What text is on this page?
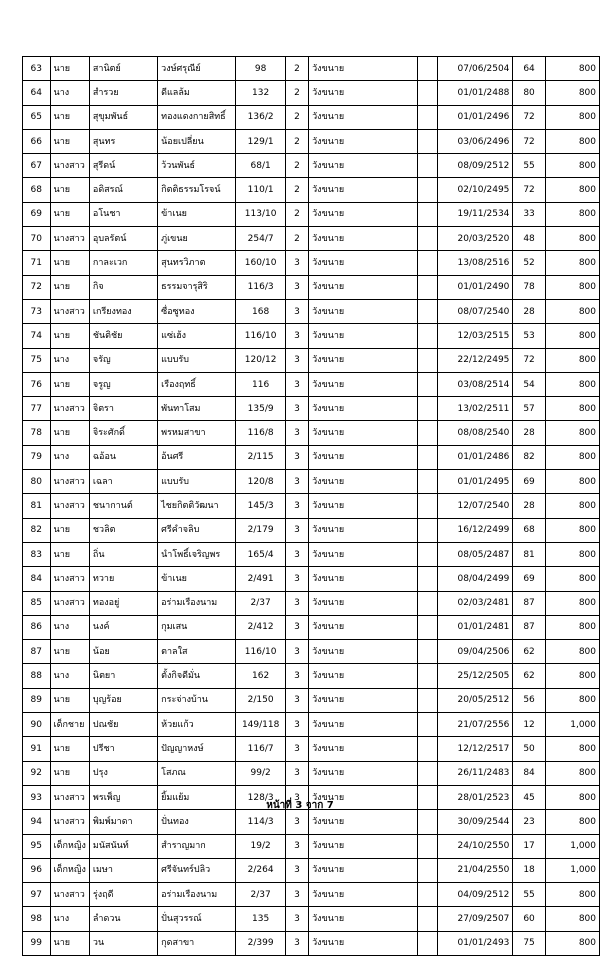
63	นาย	สานิตย์	วงษ์ศรุณีย์	98	2	วังขนาย		07/06/2504	64	800
64	นาง	สำรวย	ดีแลล้ม	132	2	วังขนาย		01/01/2488	80	800
65	นาย	สุขุมพันธ์	ทองแดงกายสิทธิ์	136/2	2	วังขนาย		01/01/2496	72	800
66	นาย	สุนทร	น้อยเปลี่ยน	129/1	2	วังขนาย		03/06/2496	72	800
67	นางสาว	สุรีดน์	ว้วนพันธ์	68/1	2	วังขนาย		08/09/2512	55	800
68	นาย	อดิสรณ์	กิตติธรรมโรจน์	110/1	2	วังขนาย		02/10/2495	72	800
69	นาย	อโนชา	ข้าเนย	113/10	2	วังขนาย		19/11/2534	33	800
70	นางสาว	อุบลรัตน์	ภู่เขนย	254/7	2	วังขนาย		20/03/2520	48	800
71	นาย	กาละเวก	สุนทรวิภาต	160/10	3	วังขนาย		13/08/2516	52	800
72	นาย	กิจ	ธรรมจารุสิริ	116/3	3	วังขนาย		01/01/2490	78	800
73	นางสาว	เกรียงทอง	ซื่อซูทอง	168	3	วังขนาย		08/07/2540	28	800
74	นาย	ชันติชัย	แซ่เฮ้ง	116/10	3	วังขนาย		12/03/2515	53	800
75	นาง	จรัญ	แบบรับ	120/12	3	วังขนาย		22/12/2495	72	800
76	นาย	จรูญ	เรืองฤทธิ์	116	3	วังขนาย		03/08/2514	54	800
77	นางสาว	จิตรา	พันทาโสม	135/9	3	วังขนาย		13/02/2511	57	800
78	นาย	จิระศักดิ์	พรหมสาขา	116/8	3	วังขนาย		08/08/2540	28	800
79	นาง	ฉอ้อน	อ้นศรี	2/115	3	วังขนาย		01/01/2486	82	800
80	นางสาว	เฉลา	แบบรับ	120/8	3	วังขนาย		01/01/2495	69	800
81	นางสาว	ชนากานต์	ไชยกิตติวัฒนา	145/3	3	วังขนาย		12/07/2540	28	800
82	นาย	ชวลิต	ศรีคำจลิบ	2/179	3	วังขนาย		16/12/2499	68	800
83	นาย	ถิ่น	นำโพธิ์เจริญพร	165/4	3	วังขนาย		08/05/2487	81	800
84	นางสาว	ทวาย	ข้าเนย	2/491	3	วังขนาย		08/04/2499	69	800
85	นางสาว	ทองอยู่	อร่ามเรืองนาม	2/37	3	วังขนาย		02/03/2481	87	800
86	นาง	นงค์	กุมเสน	2/412	3	วังขนาย		01/01/2481	87	800
87	นาย	น้อย	ตาลใส	116/10	3	วังขนาย		09/04/2506	62	800
88	นาง	นิตยา	ตั้งกิจดีมั่น	162	3	วังขนาย		25/12/2505	62	800
89	นาย	บุญร้อย	กระจ่างบ้าน	2/150	3	วังขนาย		20/05/2512	56	800
90	เด็กชาย	ปณชัย	ห้วยแก้ว	149/118	3	วังขนาย		21/07/2556	12	1,000
91	นาย	ปรีชา	ปัญญาหงษ์	116/7	3	วังขนาย		12/12/2517	50	800
92	นาย	ปรุง	โสภณ	99/2	3	วังขนาย		26/11/2483	84	800
93	นางสาว	พรเพ็ญ	ยิ้มแย้ม	128/3	3	วังขนาย		28/01/2523	45	800
94	นางสาว	พิมพ์มาดา	ปั่นทอง	114/3	3	วังขนาย		30/09/2544	23	800
95	เด็กหญิง	มนัสนันท์	สำราญมาก	19/2	3	วังขนาย		24/10/2550	17	1,000
96	เด็กหญิง	เมษา	ศรีจันทร์ปลิว	2/264	3	วังขนาย		21/04/2550	18	1,000
97	นางสาว	รุ่งฤดี	อร่ามเรืองนาม	2/37	3	วังขนาย		04/09/2512	55	800
98	นาง	ลำดวน	ปั่นสุวรรณ์	135	3	วังขนาย		27/09/2507	60	800
99	นาย	วน	กุดสาขา	2/399	3	วังขนาย		01/01/2493	75	800
หน้าที่ 3 จาก 7
